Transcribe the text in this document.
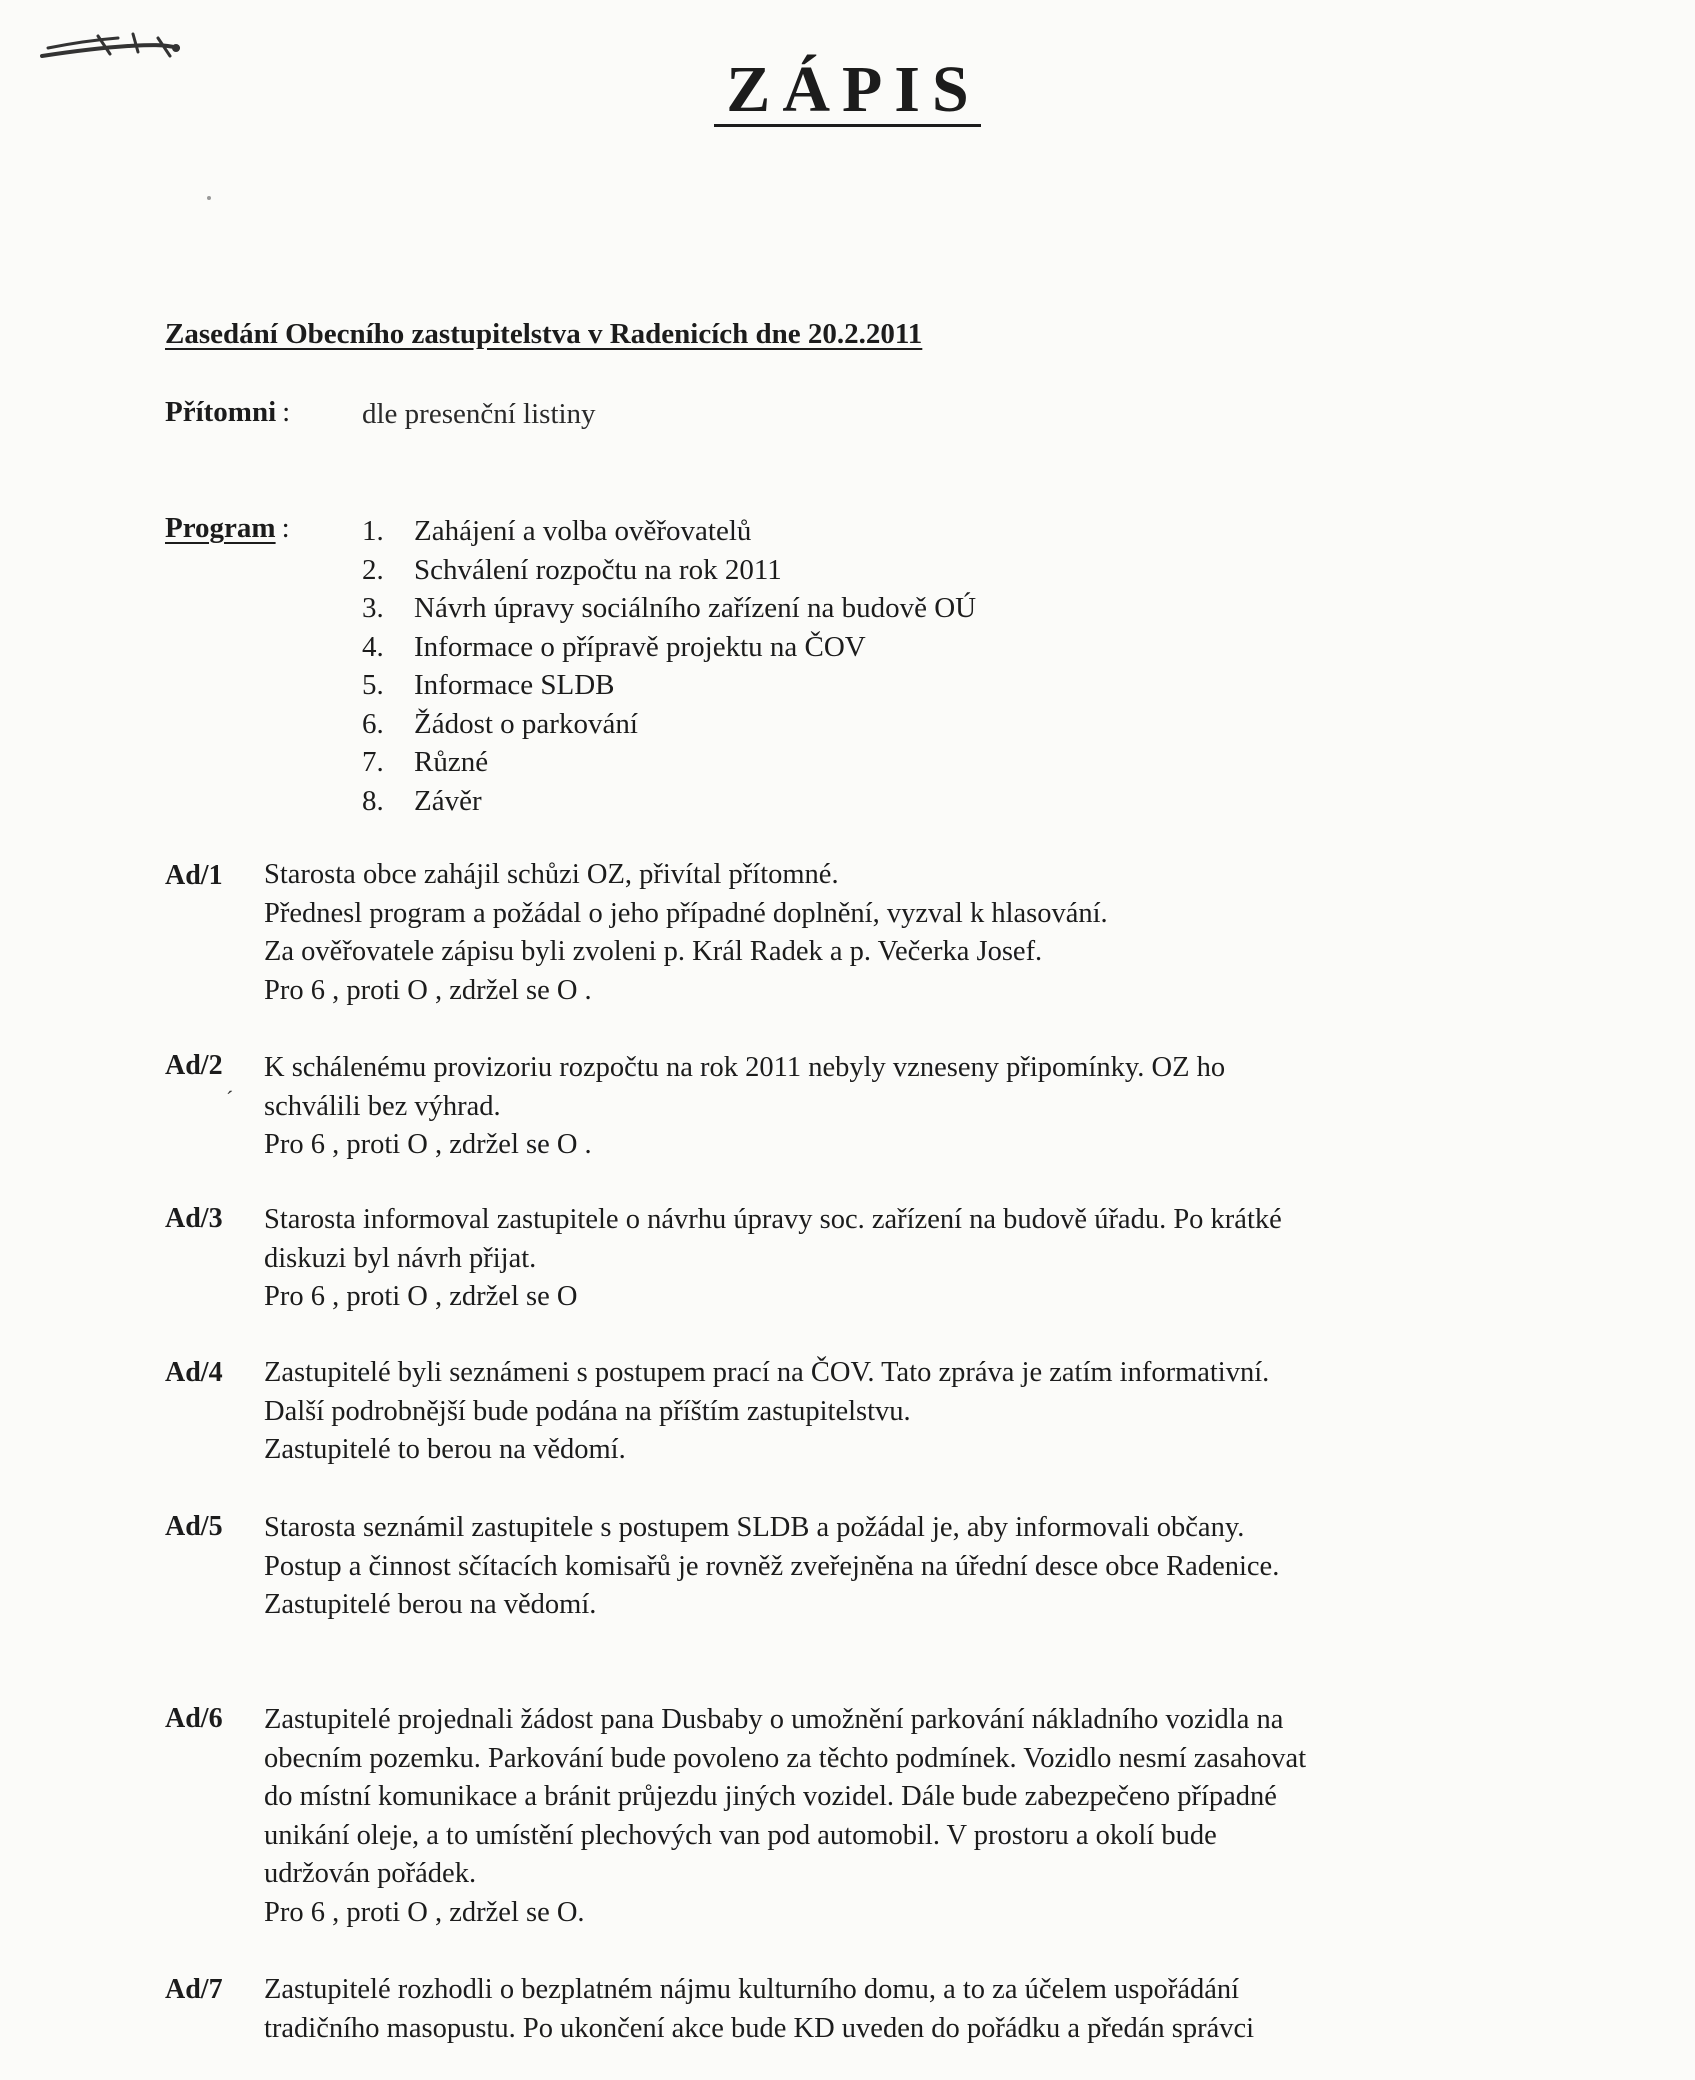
ZÁPIS
Zasedání Obecního zastupitelstva v Radenicích dne 20.2.2011
Přítomni : dle presenční listiny
Program : 1. Zahájení a volba ověřovatelů
2. Schválení rozpočtu na rok 2011
3. Návrh úpravy sociálního zařízení na budově OÚ
4. Informace o přípravě projektu na ČOV
5. Informace SLDB
6. Žádost o parkování
7. Různé
8. Závěr
Ad/1 Starosta obce zahájil schůzi OZ, přivítal přítomné.
Přednesl program a požádal o jeho případné doplnění, vyzval k hlasování.
Za ověřovatele zápisu byli zvoleni p. Král Radek a p. Večerka Josef.
Pro 6 , proti O , zdržel se O .
Ad/2
´
K schálenému provizoriu rozpočtu na rok 2011 nebyly vzneseny připomínky. OZ ho
schválili bez výhrad.
Pro 6 , proti O , zdržel se O .
Ad/3 Starosta informoval zastupitele o návrhu úpravy soc. zařízení na budově úřadu. Po krátké
diskuzi byl návrh přijat.
Pro 6 , proti O , zdržel se O
Ad/4 Zastupitelé byli seznámeni s postupem prací na ČOV. Tato zpráva je zatím informativní.
Další podrobnější bude podána na příštím zastupitelstvu.
Zastupitelé to berou na vědomí.
Ad/5 Starosta seznámil zastupitele s postupem SLDB a požádal je, aby informovali občany.
Postup a činnost sčítacích komisařů je rovněž zveřejněna na úřední desce obce Radenice.
Zastupitelé berou na vědomí.
Ad/6 Zastupitelé projednali žádost pana Dusbaby o umožnění parkování nákladního vozidla na
obecním pozemku. Parkování bude povoleno za těchto podmínek. Vozidlo nesmí zasahovat
do místní komunikace a bránit průjezdu jiných vozidel. Dále bude zabezpečeno případné
unikání oleje, a to umístění plechových van pod automobil. V prostoru a okolí bude
udržován pořádek.
Pro 6 , proti O , zdržel se O.
Ad/7 Zastupitelé rozhodli o bezplatném nájmu kulturního domu, a to za účelem uspořádání
tradičního masopustu. Po ukončení akce bude KD uveden do pořádku a předán správci
